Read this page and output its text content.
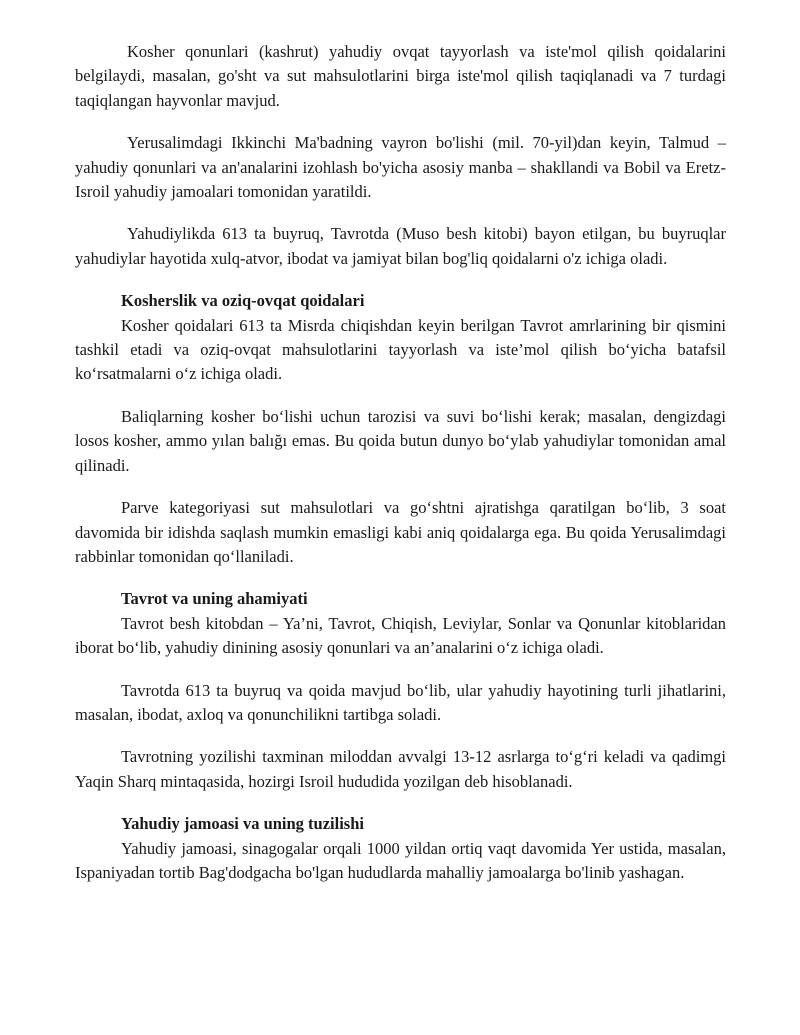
Kosher qonunlari (kashrut) yahudiy ovqat tayyorlash va iste'mol qilish qoidalarini belgilaydi, masalan, go'sht va sut mahsulotlarini birga iste'mol qilish taqiqlanadi va 7 turdagi taqiqlangan hayvonlar mavjud.

Yerusalimdagi Ikkinchi Ma'badning vayron bo'lishi (mil. 70-yil)dan keyin, Talmud – yahudiy qonunlari va an'analarini izohlash bo'yicha asosiy manba – shakllandi va Bobil va Eretz-Isroil yahudiy jamoalari tomonidan yaratildi.

Yahudiylikda 613 ta buyruq, Tavrotda (Muso besh kitobi) bayon etilgan, bu buyruqlar yahudiylar hayotida xulq-atvor, ibodat va jamiyat bilan bog'liq qoidalarni o'z ichiga oladi.

Kosherslik va oziq-ovqat qoidalari

Kosher qoidalari 613 ta Misrda chiqishdan keyin berilgan Tavrot amrlarining bir qismini tashkil etadi va oziq-ovqat mahsulotlarini tayyorlash va iste’mol qilish bo‘yicha batafsil ko‘rsatmalarni o‘z ichiga oladi.

Baliqlarning kosher bo‘lishi uchun tarozisi va suvi bo‘lishi kerak; masalan, dengizdagi losos kosher, ammo yılan balığı emas. Bu qoida butun dunyo bo‘ylab yahudiylar tomonidan amal qilinadi.

Parve kategoriyasi sut mahsulotlari va go‘shtni ajratishga qaratilgan bo‘lib, 3 soat davomida bir idishda saqlash mumkin emasligi kabi aniq qoidalarga ega. Bu qoida Yerusalimdagi rabbinlar tomonidan qo‘llaniladi.

Tavrot va uning ahamiyati

Tavrot besh kitobdan – Ya’ni, Tavrot, Chiqish, Leviylar, Sonlar va Qonunlar kitoblaridan iborat bo‘lib, yahudiy dinining asosiy qonunlari va an’analarini o‘z ichiga oladi.

Tavrotda 613 ta buyruq va qoida mavjud bo‘lib, ular yahudiy hayotining turli jihatlarini, masalan, ibodat, axloq va qonunchilikni tartibga soladi.

Tavrotning yozilishi taxminan miloddan avvalgi 13-12 asrlarga to‘g‘ri keladi va qadimgi Yaqin Sharq mintaqasida, hozirgi Isroil hududida yozilgan deb hisoblanadi.

Yahudiy jamoasi va uning tuzilishi

Yahudiy jamoasi, sinagogalar orqali 1000 yildan ortiq vaqt davomida Yer ustida, masalan, Ispaniyadan tortib Bag'dodgacha bo'lgan hududlarda mahalliy jamoalarga bo'linib yashagan.
